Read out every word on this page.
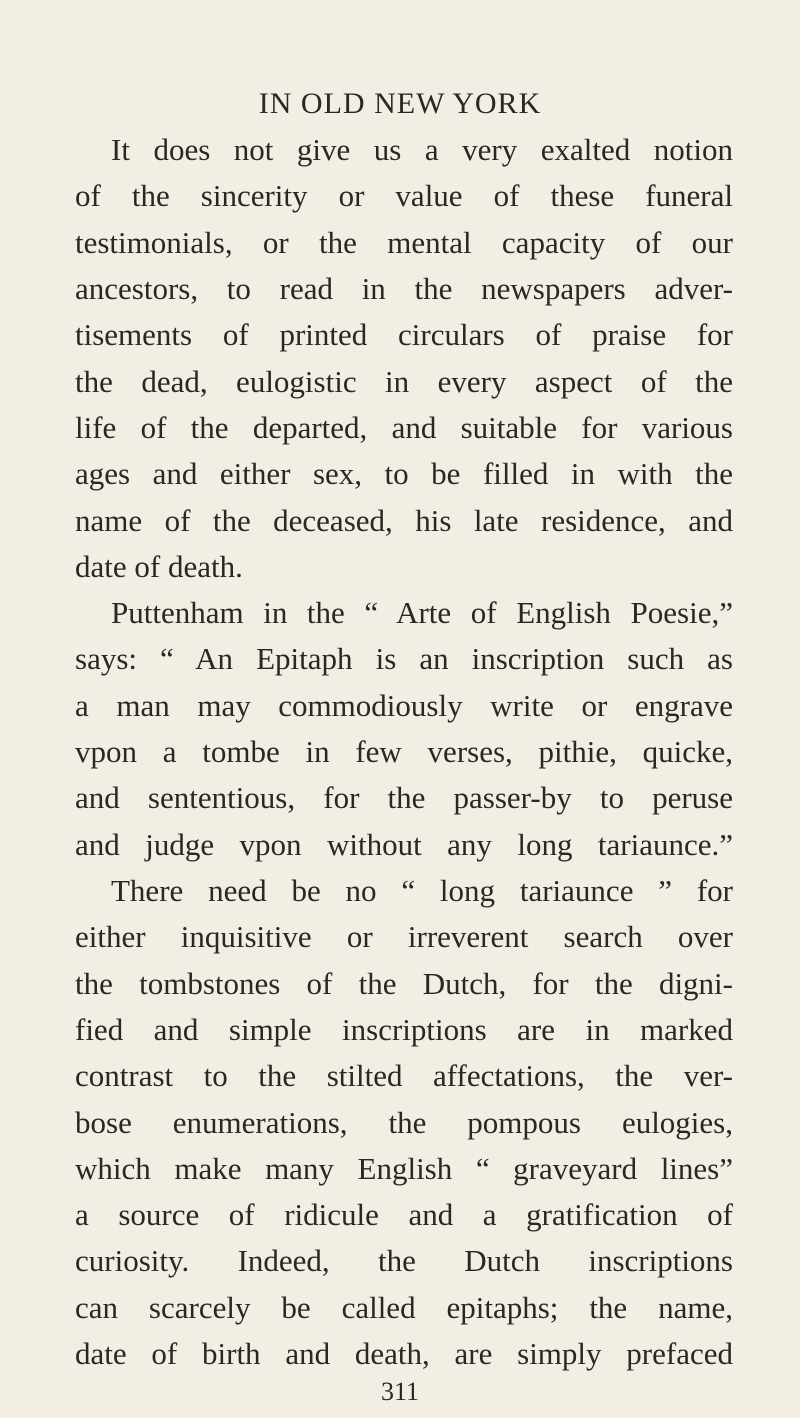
IN OLD NEW YORK
It does not give us a very exalted notion
of the sincerity or value of these funeral
testimonials, or the mental capacity of our
ancestors, to read in the newspapers adver-
tisements of printed circulars of praise for
the dead, eulogistic in every aspect of the
life of the departed, and suitable for various
ages and either sex, to be filled in with the
name of the deceased, his late residence, and
date of death.
Puttenham in the “ Arte of English Poesie,”
says: “ An Epitaph is an inscription such as
a man may commodiously write or engrave
vpon a tombe in few verses, pithie, quicke,
and sententious, for the passer-by to peruse
and judge vpon without any long tariaunce.”
There need be no “ long tariaunce ” for
either inquisitive or irreverent search over
the tombstones of the Dutch, for the digni-
fied and simple inscriptions are in marked
contrast to the stilted affectations, the ver-
bose enumerations, the pompous eulogies,
which make many English “ graveyard lines”
a source of ridicule and a gratification of
curiosity. Indeed, the Dutch inscriptions
can scarcely be called epitaphs; the name,
311
date of birth and death, are simply prefaced
